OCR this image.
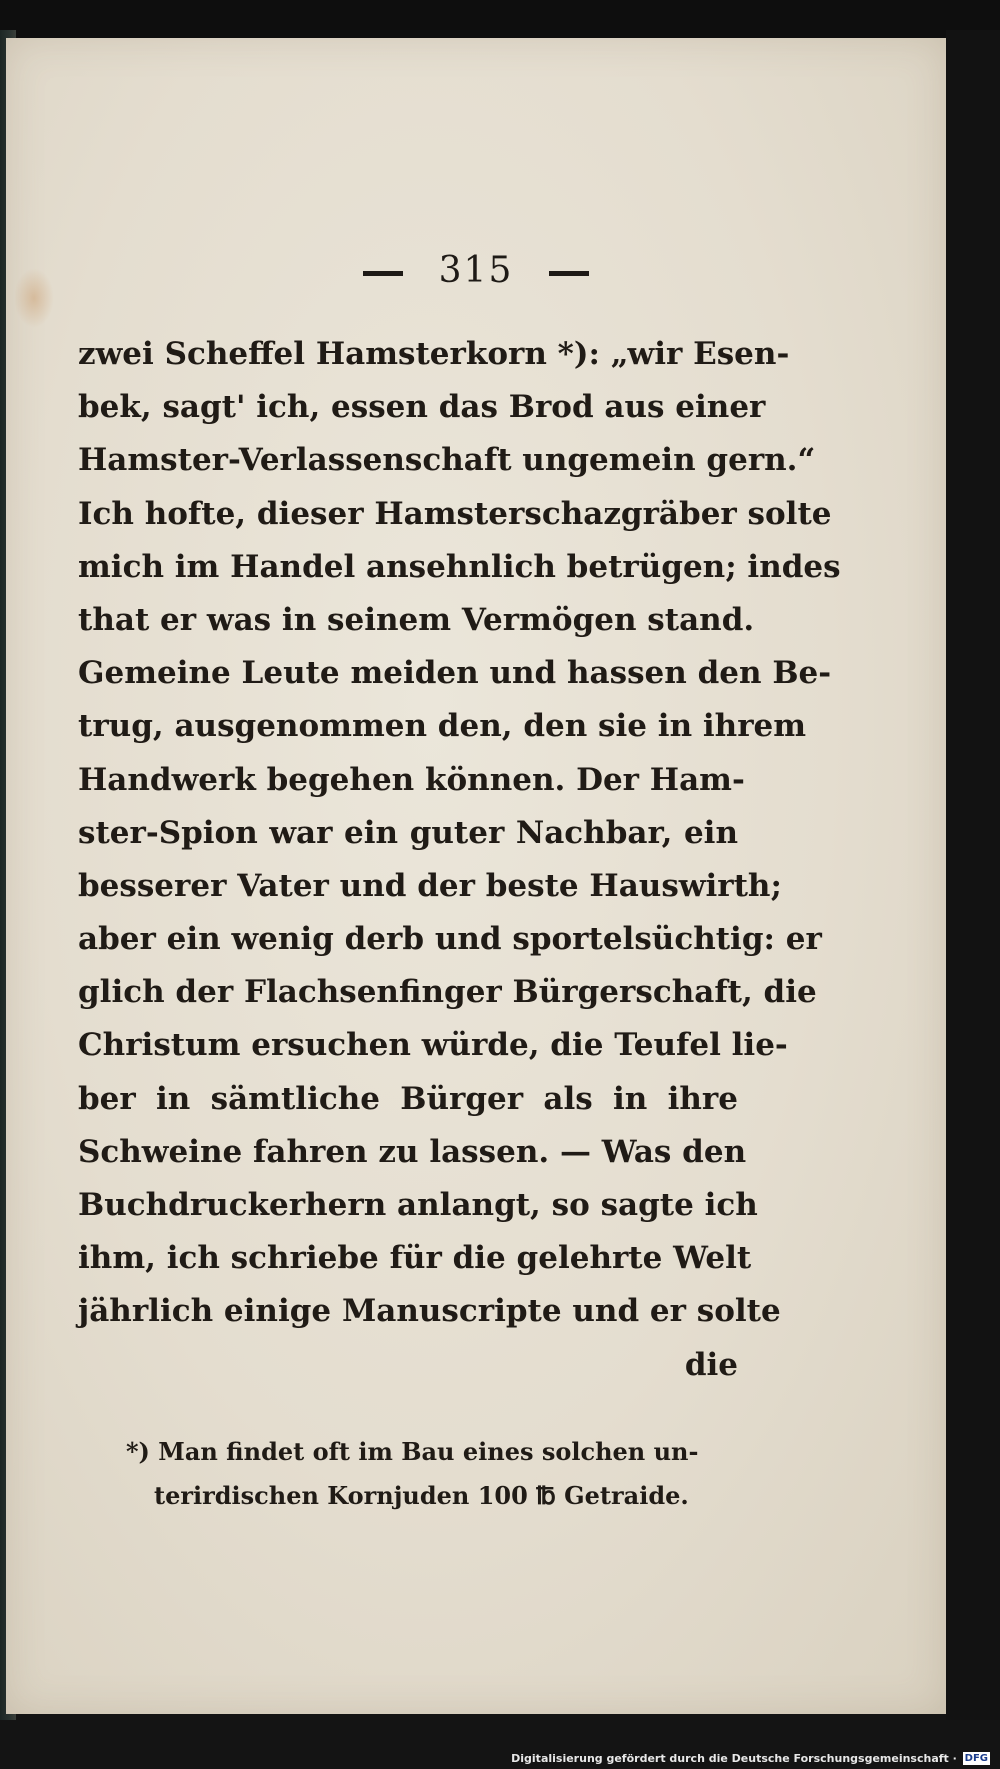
315
zwei Scheffel Hamsterkorn *): „wir Esen-
bek, sagt' ich, essen das Brod aus einer
Hamster-Verlassenschaft ungemein gern.“
Ich hofte, dieser Hamsterschazgräber solte
mich im Handel ansehnlich betrügen; indes
that er was in seinem Vermögen stand.
Gemeine Leute meiden und hassen den Be-
trug, ausgenommen den, den sie in ihrem
Handwerk begehen können. Der Ham-
ster-Spion war ein guter Nachbar, ein
besserer Vater und der beste Hauswirth;
aber ein wenig derb und sportelsüchtig: er
glich der Flachsenfinger Bürgerschaft, die
Christum ersuchen würde, die Teufel lie-
ber in sämtliche Bürger als in ihre
Schweine fahren zu lassen. — Was den
Buchdruckerhern anlangt, so sagte ich
ihm, ich schriebe für die gelehrte Welt
jährlich einige Manuscripte und er solte
die
*) Man findet oft im Bau eines solchen un-
terirdischen Kornjuden 100 ℔ Getraide.
Digitalisierung gefördert durch die Deutsche Forschungsgemeinschaft · DFG
